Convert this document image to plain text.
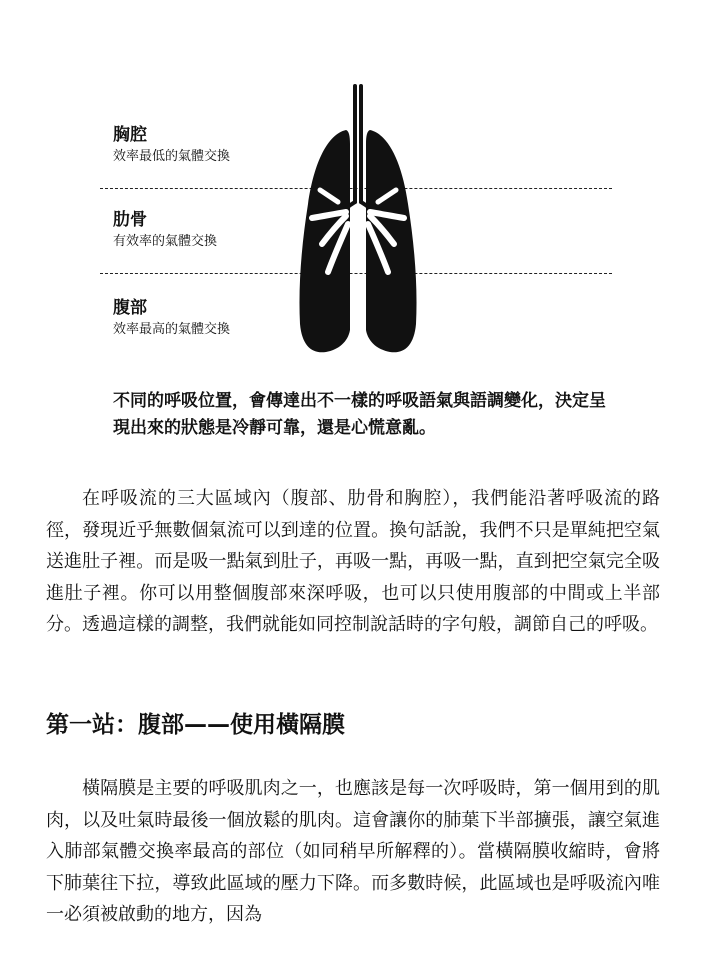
胸腔
效率最低的氣體交換
肋骨
有效率的氣體交換
腹部
效率最高的氣體交換
不同的呼吸位置，會傳達出不一樣的呼吸語氣與語調變化，決定呈現出來的狀態是冷靜可靠，還是心慌意亂。

在呼吸流的三大區域內（腹部、肋骨和胸腔），我們能沿著呼吸流的路徑，發現近乎無數個氣流可以到達的位置。換句話說，我們不只是單純把空氣送進肚子裡。而是吸一點氣到肚子，再吸一點，再吸一點，直到把空氣完全吸進肚子裡。你可以用整個腹部來深呼吸，也可以只使用腹部的中間或上半部分。透過這樣的調整，我們就能如同控制說話時的字句般，調節自己的呼吸。

第一站：腹部——使用橫隔膜

橫隔膜是主要的呼吸肌肉之一，也應該是每一次呼吸時，第一個用到的肌肉，以及吐氣時最後一個放鬆的肌肉。這會讓你的肺葉下半部擴張，讓空氣進入肺部氣體交換率最高的部位（如同稍早所解釋的）。當橫隔膜收縮時，會將下肺葉往下拉，導致此區域的壓力下降。而多數時候，此區域也是呼吸流內唯一必須被啟動的地方，因為
